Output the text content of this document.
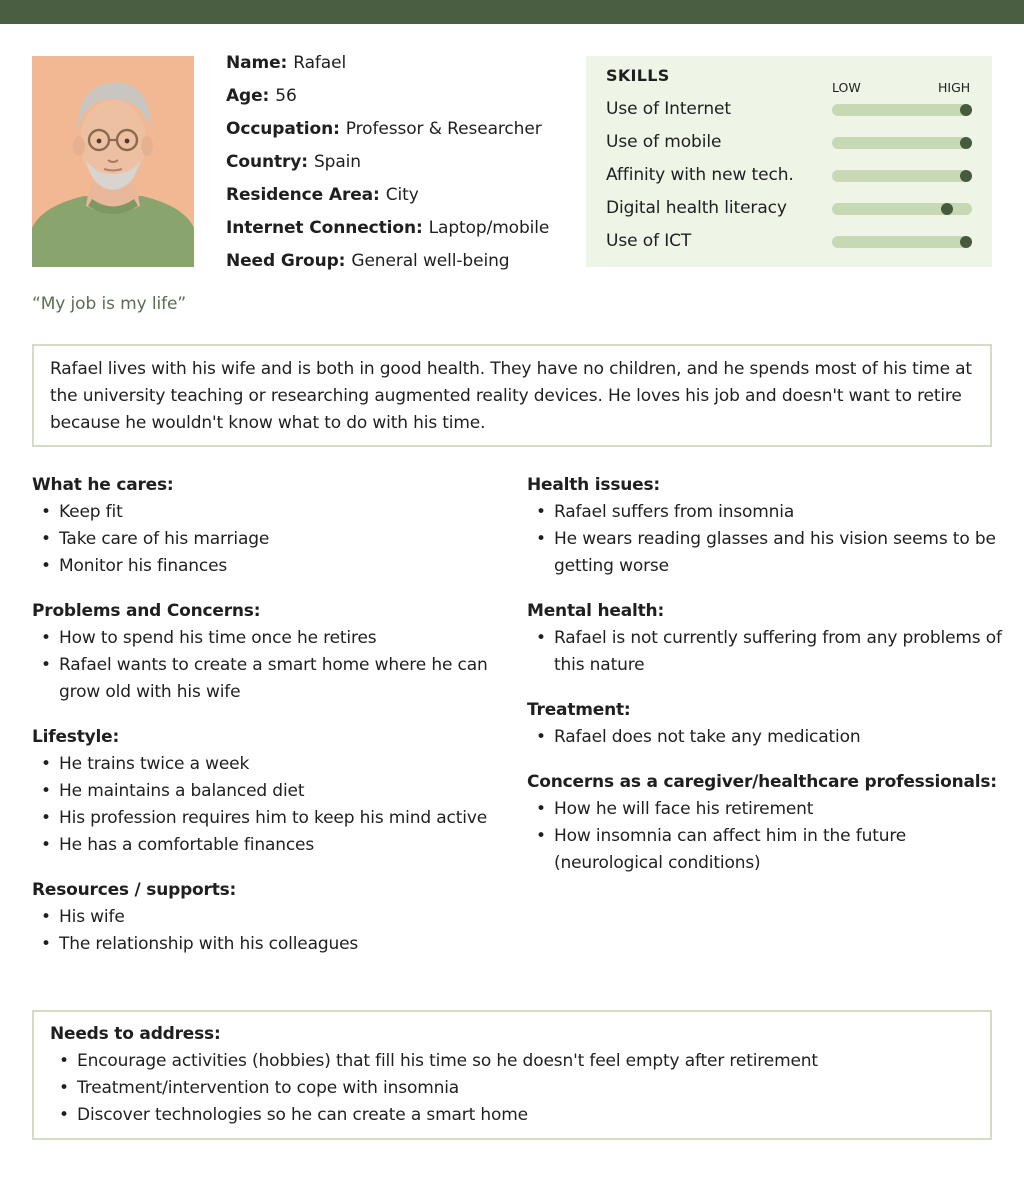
Name: Rafael
Age: 56
Occupation: Professor & Researcher
Country: Spain
Residence Area: City
Internet Connection: Laptop/mobile
Need Group: General well-being
“My job is my life”
SKILLS
LOW	HIGH
Use of Internet
Use of mobile
Affinity with new tech.
Digital health literacy
Use of ICT
Rafael lives with his wife and is both in good health. They have no children, and he spends most of his time at the university teaching or researching augmented reality devices. He loves his job and doesn't want to retire because he wouldn't know what to do with his time.
What he cares:
• Keep fit
• Take care of his marriage
• Monitor his finances
Problems and Concerns:
• How to spend his time once he retires
• Rafael wants to create a smart home where he can grow old with his wife
Lifestyle:
• He trains twice a week
• He maintains a balanced diet
• His profession requires him to keep his mind active
• He has a comfortable finances
Resources / supports:
• His wife
• The relationship with his colleagues
Health issues:
• Rafael suffers from insomnia
• He wears reading glasses and his vision seems to be getting worse
Mental health:
• Rafael is not currently suffering from any problems of this nature
Treatment:
• Rafael does not take any medication
Concerns as a caregiver/healthcare professionals:
• How he will face his retirement
• How insomnia can affect him in the future (neurological conditions)
Needs to address:
• Encourage activities (hobbies) that fill his time so he doesn't feel empty after retirement
• Treatment/intervention to cope with insomnia
• Discover technologies so he can create a smart home
